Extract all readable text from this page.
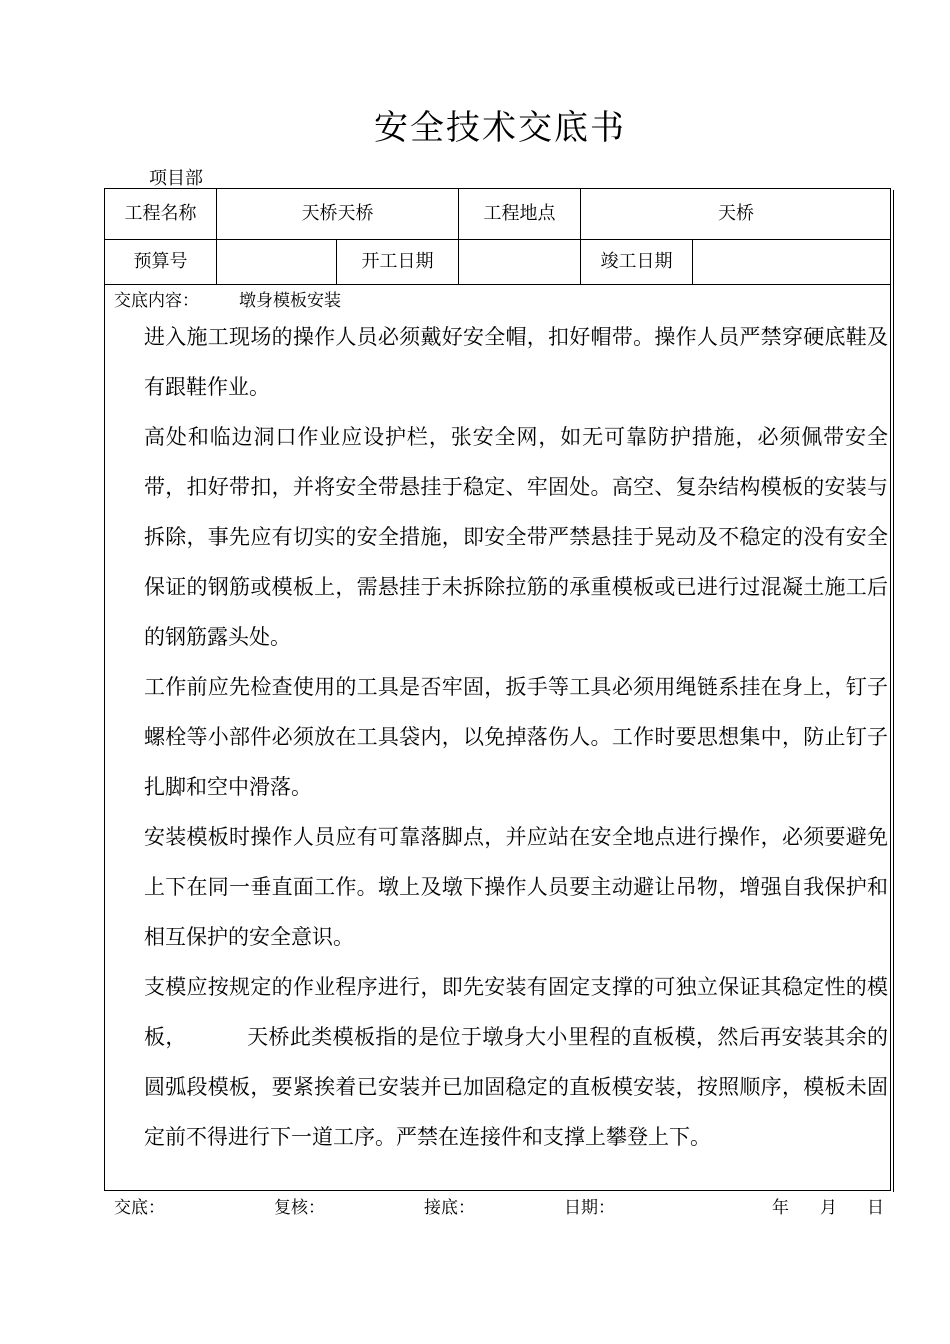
安全技术交底书
项目部
工程名称	天桥天桥	工程地点	天桥
预算号	开工日期	竣工日期
交底内容： 墩身模板安装

进入施工现场的操作人员必须戴好安全帽，扣好帽带。操作人员严禁穿硬底鞋及有跟鞋作业。

高处和临边洞口作业应设护栏，张安全网，如无可靠防护措施，必须佩带安全带，扣好带扣，并将安全带悬挂于稳定、牢固处。高空、复杂结构模板的安装与拆除，事先应有切实的安全措施，即安全带严禁悬挂于晃动及不稳定的没有安全保证的钢筋或模板上，需悬挂于未拆除拉筋的承重模板或已进行过混凝土施工后的钢筋露头处。

工作前应先检查使用的工具是否牢固，扳手等工具必须用绳链系挂在身上，钉子螺栓等小部件必须放在工具袋内，以免掉落伤人。工作时要思想集中，防止钉子扎脚和空中滑落。

安装模板时操作人员应有可靠落脚点，并应站在安全地点进行操作，必须要避免上下在同一垂直面工作。墩上及墩下操作人员要主动避让吊物，增强自我保护和相互保护的安全意识。

支模应按规定的作业程序进行，即先安装有固定支撑的可独立保证其稳定性的模板，	天桥此类模板指的是位于墩身大小里程的直板模，然后再安装其余的圆弧段模板，要紧挨着已安装并已加固稳定的直板模安装，按照顺序，模板未固定前不得进行下一道工序。严禁在连接件和支撑上攀登上下。

交底：	复核：	接底：	日期：	年 月 日
